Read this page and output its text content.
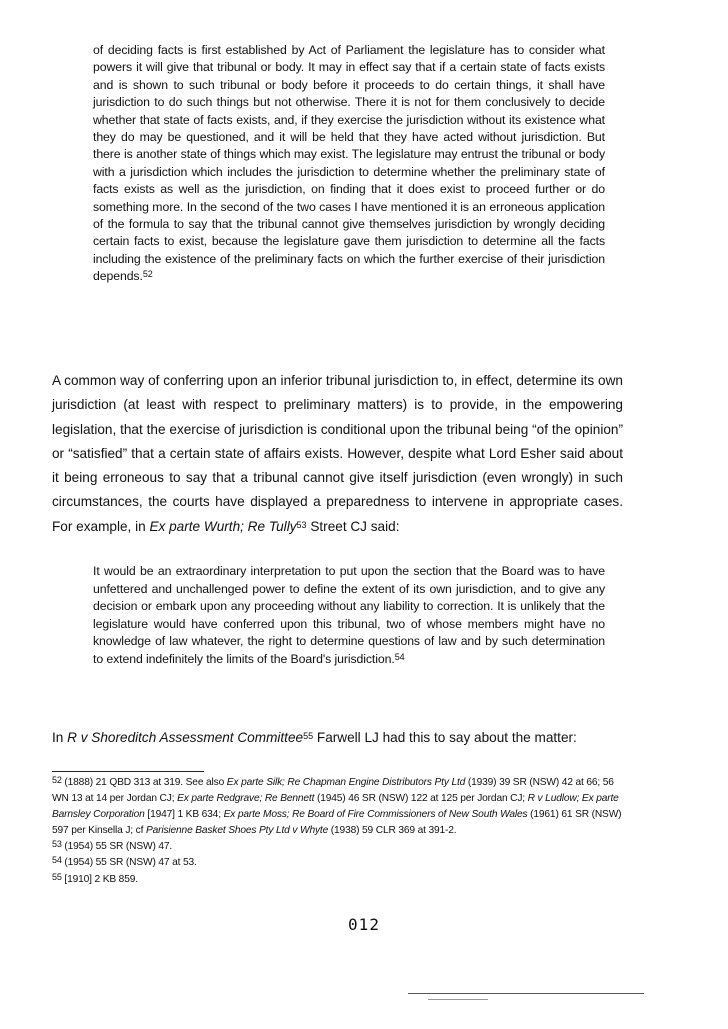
of deciding facts is first established by Act of Parliament the legislature has to consider what powers it will give that tribunal or body. It may in effect say that if a certain state of facts exists and is shown to such tribunal or body before it proceeds to do certain things, it shall have jurisdiction to do such things but not otherwise. There it is not for them conclusively to decide whether that state of facts exists, and, if they exercise the jurisdiction without its existence what they do may be questioned, and it will be held that they have acted without jurisdiction. But there is another state of things which may exist. The legislature may entrust the tribunal or body with a jurisdiction which includes the jurisdiction to determine whether the preliminary state of facts exists as well as the jurisdiction, on finding that it does exist to proceed further or do something more. In the second of the two cases I have mentioned it is an erroneous application of the formula to say that the tribunal cannot give themselves jurisdiction by wrongly deciding certain facts to exist, because the legislature gave them jurisdiction to determine all the facts including the existence of the preliminary facts on which the further exercise of their jurisdiction depends.$^{52}$

A common way of conferring upon an inferior tribunal jurisdiction to, in effect, determine its own jurisdiction (at least with respect to preliminary matters) is to provide, in the empowering legislation, that the exercise of jurisdiction is conditional upon the tribunal being “of the opinion” or “satisfied” that a certain state of affairs exists. However, despite what Lord Esher said about it being erroneous to say that a tribunal cannot give itself jurisdiction (even wrongly) in such circumstances, the courts have displayed a preparedness to intervene in appropriate cases. For example, in Ex parte Wurth; Re Tully$^{53}$ Street CJ said:

It would be an extraordinary interpretation to put upon the section that the Board was to have unfettered and unchallenged power to define the extent of its own jurisdiction, and to give any decision or embark upon any proceeding without any liability to correction. It is unlikely that the legislature would have conferred upon this tribunal, two of whose members might have no knowledge of law whatever, the right to determine questions of law and by such determination to extend indefinitely the limits of the Board's jurisdiction.$^{54}$

In R v Shoreditch Assessment Committee$^{55}$ Farwell LJ had this to say about the matter:

52 (1888) 21 QBD 313 at 319. See also Ex parte Silk; Re Chapman Engine Distributors Pty Ltd (1939) 39 SR (NSW) 42 at 66; 56 WN 13 at 14 per Jordan CJ; Ex parte Redgrave; Re Bennett (1945) 46 SR (NSW) 122 at 125 per Jordan CJ; R v Ludlow; Ex parte Barnsley Corporation [1947] 1 KB 634; Ex parte Moss; Re Board of Fire Commissioners of New South Wales (1961) 61 SR (NSW) 597 per Kinsella J; cf Parisienne Basket Shoes Pty Ltd v Whyte (1938) 59 CLR 369 at 391-2.

53 (1954) 55 SR (NSW) 47.

54 (1954) 55 SR (NSW) 47 at 53.

55 [1910] 2 KB 859.

012
